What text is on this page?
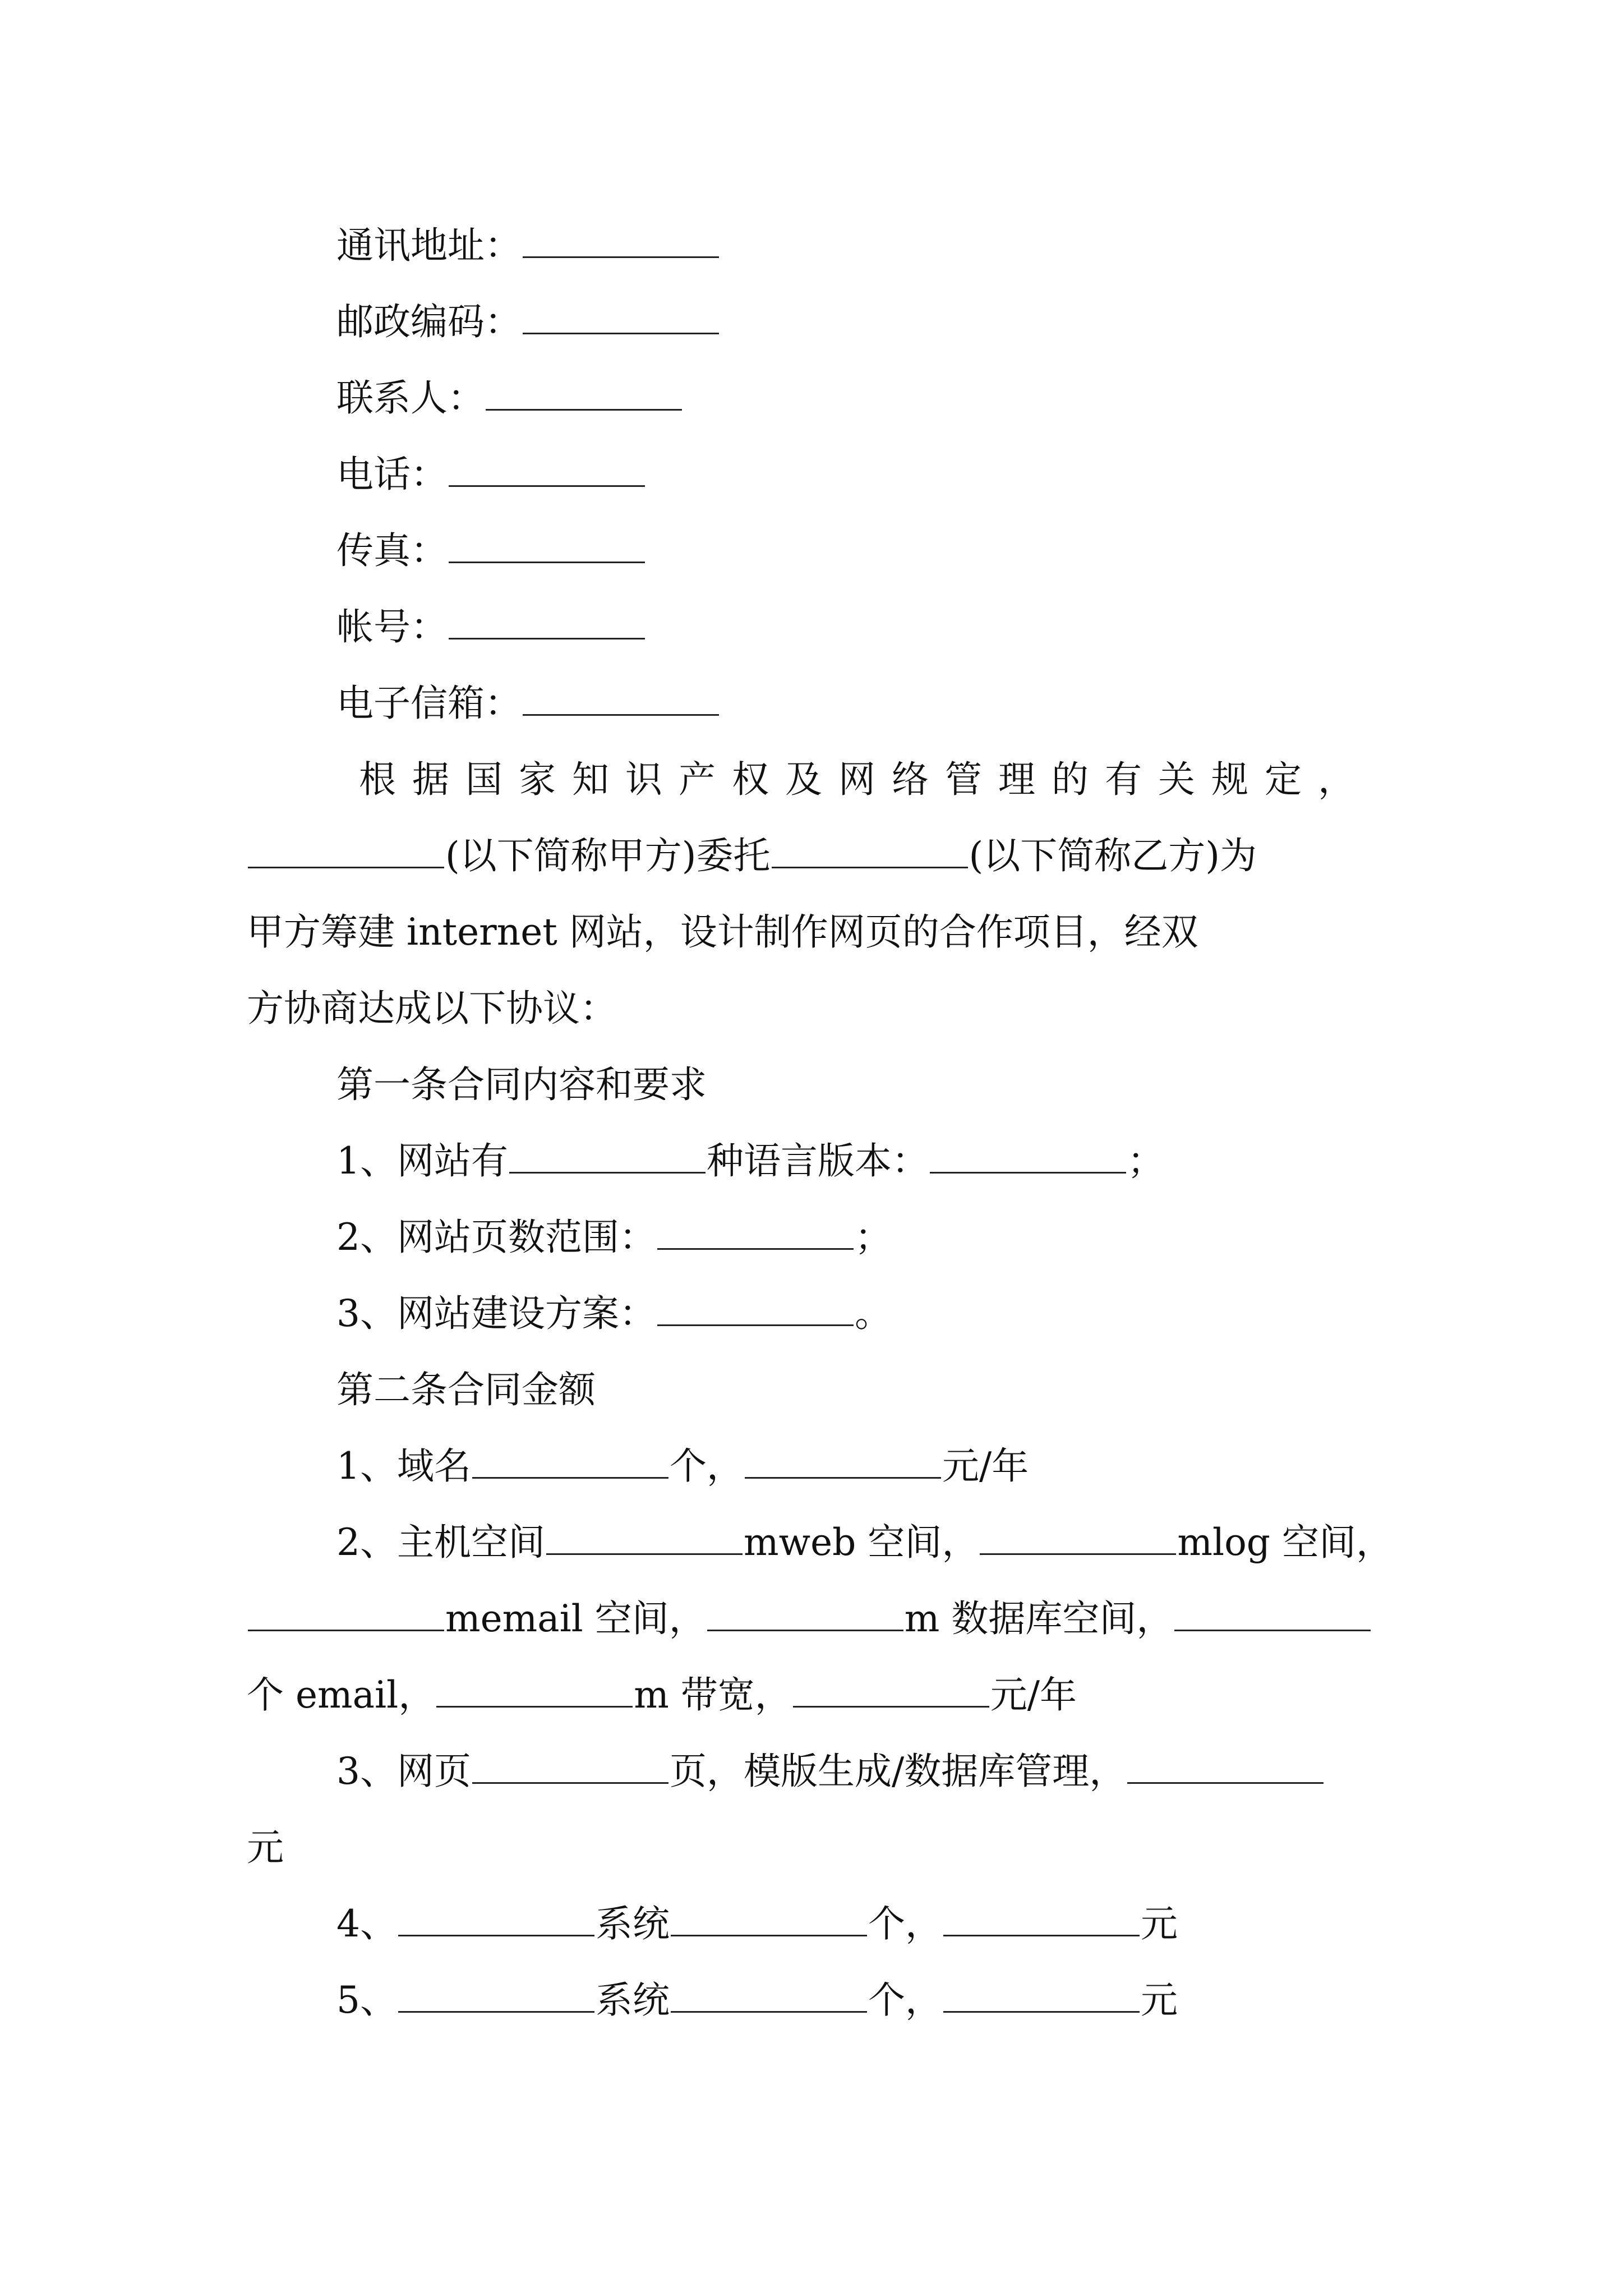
通讯地址：
邮政编码：
联系人：
电话：
传真：
帐号：
电子信箱：
根据国家知识产权及网络管理的有关规定，
(以下简称甲方)委托	(以下简称乙方)为
甲方筹建 internet 网站，设计制作网页的合作项目，经双
方协商达成以下协议：
第一条合同内容和要求
1、网站有	种语言版本：	；
2、网站页数范围：	；
3、网站建设方案：	。
第二条合同金额
1、域名	个，	元/年
2、主机空间	mweb 空间，	mlog 空间，
memail 空间，	m 数据库空间，
个 email，	m 带宽，	元/年
3、网页	页，模版生成/数据库管理，
元
4、	系统	个，	元
5、	系统	个，	元
